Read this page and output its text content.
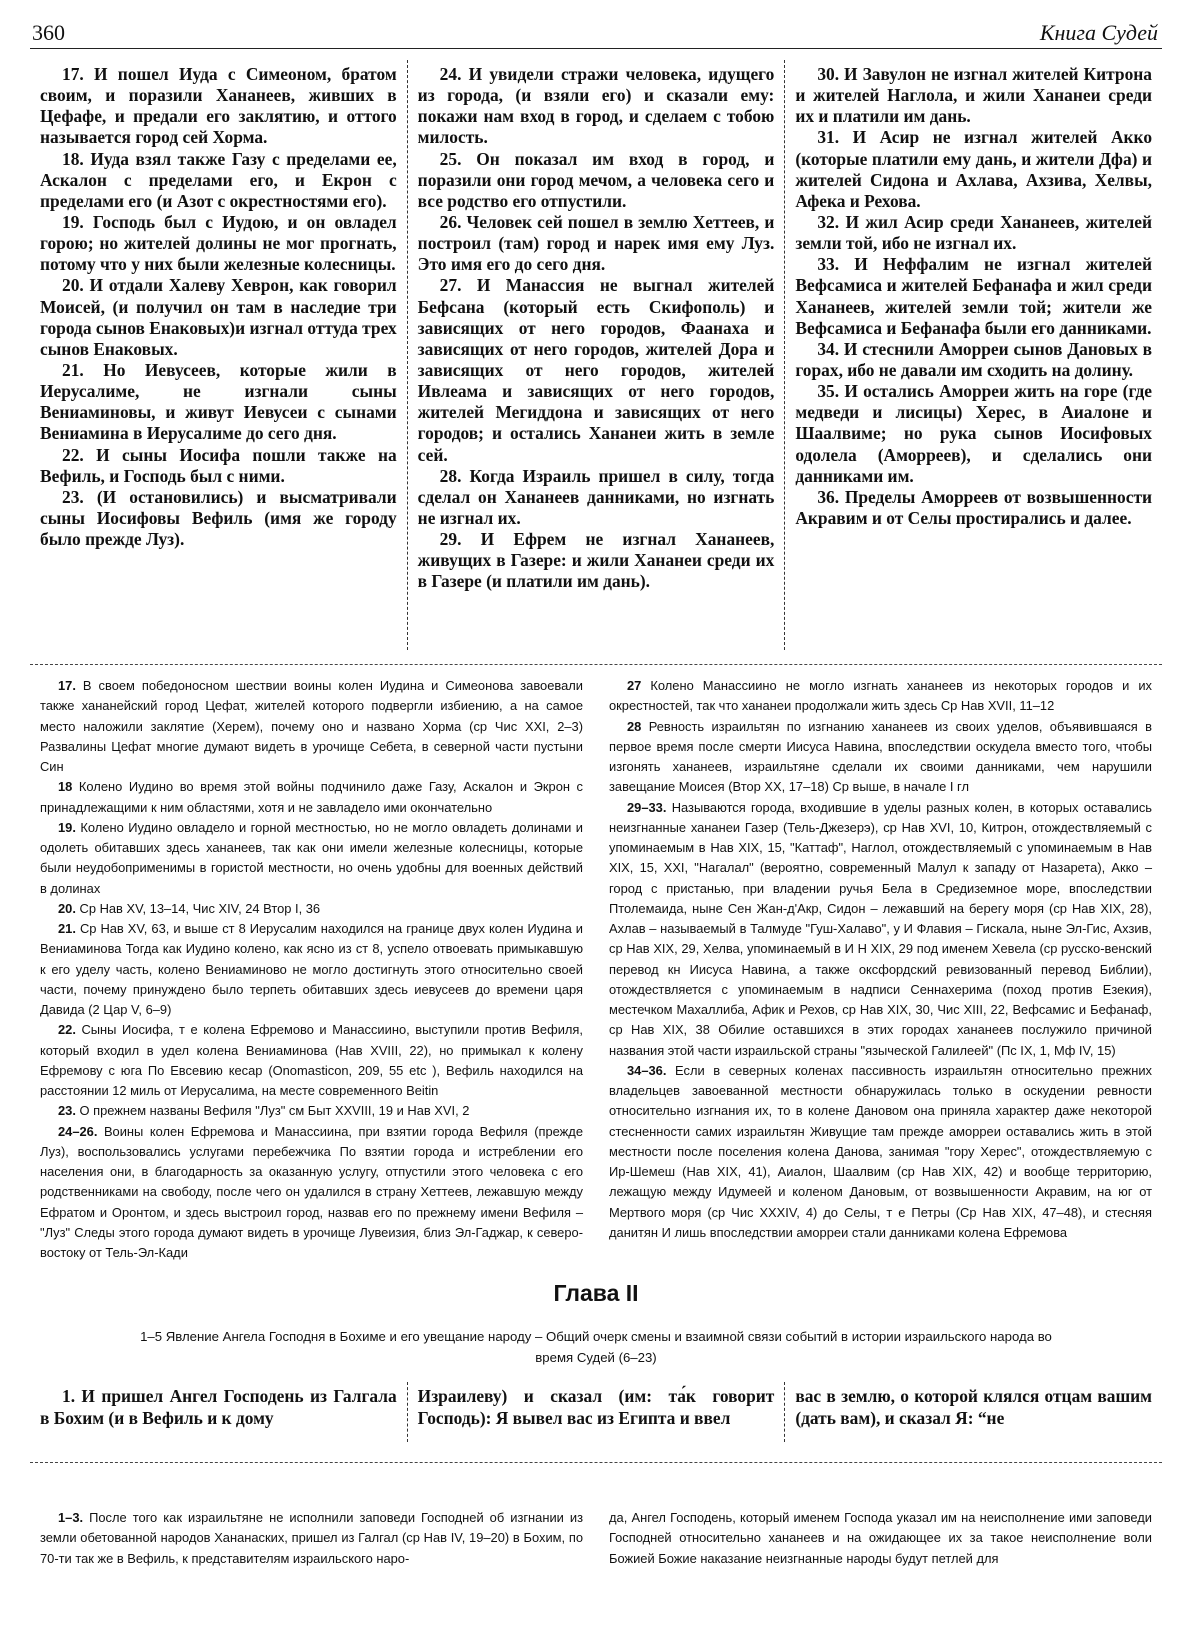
360	Книга Судей

17. И пошел Иуда с Симеоном, братом своим, и поразили Хананеев, живших в Цефафе, и предали его заклятию, и оттого называется город сей Хорма.

18. Иуда взял также Газу с пределами ее, Аскалон с пределами его, и Екрон с пределами его (и Азот с окрестностями его).

19. Господь был с Иудою, и он овладел горою; но жителей долины не мог прогнать, потому что у них были железные колесницы.

20. И отдали Халеву Хеврон, как говорил Моисей, (и получил он там в наследие три города сынов Енаковых)и изгнал оттуда трех сынов Енаковых.

21. Но Иевусеев, которые жили в Иерусалиме, не изгнали сыны Вениаминовы, и живут Иевусеи с сынами Вениамина в Иерусалиме до сего дня.

22. И сыны Иосифа пошли также на Вефиль, и Господь был с ними.

23. (И остановились) и высматривали сыны Иосифовы Вефиль (имя же городу было прежде Луз).

24. И увидели стражи человека, идущего из города, (и взяли его) и сказали ему: покажи нам вход в город, и сделаем с тобою милость.

25. Он показал им вход в город, и поразили они город мечом, а человека сего и все родство его отпустили.

26. Человек сей пошел в землю Хеттеев, и построил (там) город и нарек имя ему Луз. Это имя его до сего дня.

27. И Манассия не выгнал жителей Бефсана (который есть Скифополь) и зависящих от него городов, Фаанаха и зависящих от него городов, жителей Дора и зависящих от него городов, жителей Ивлеама и зависящих от него городов, жителей Мегиддона и зависящих от него городов; и остались Хананеи жить в земле сей.

28. Когда Израиль пришел в силу, тогда сделал он Хананеев данниками, но изгнать не изгнал их.

29. И Ефрем не изгнал Хананеев, живущих в Газере: и жили Хананеи среди их в Газере (и платили им дань).

30. И Завулон не изгнал жителей Китрона и жителей Наглола, и жили Хананеи среди их и платили им дань.

31. И Асир не изгнал жителей Акко (которые платили ему дань, и жители Дфа) и жителей Сидона и Ахлава, Ахзива, Хелвы, Афека и Рехова.

32. И жил Асир среди Хананеев, жителей земли той, ибо не изгнал их.

33. И Неффалим не изгнал жителей Вефсамиса и жителей Бефанафа и жил среди Хананеев, жителей земли той; жители же Вефсамиса и Бефанафа были его данниками.

34. И стеснили Аморреи сынов Дановых в горах, ибо не давали им сходить на долину.

35. И остались Аморреи жить на горе (где медведи и лисицы) Херес, в Аиалоне и Шаалвиме; но рука сынов Иосифовых одолела (Аморреев), и сделались они данниками им.

36. Пределы Аморреев от возвышенности Акравим и от Селы простирались и далее.

17. В своем победоносном шествии воины колен Иудина и Симеонова завоевали также хананейский город Цефат, жителей которого подвергли избиению, а на самое место наложили заклятие (Херем), почему оно и названо Хорма (ср Чис XXI, 2–3) Развалины Цефат многие думают видеть в урочище Себета, в северной части пустыни Син

18 Колено Иудино во время этой войны подчинило даже Газу, Аскалон и Экрон с принадлежащими к ним областями, хотя и не завладело ими окончательно

19. Колено Иудино овладело и горной местностью, но не могло овладеть долинами и одолеть обитавших здесь хананеев, так как они имели железные колесницы, которые были неудобоприменимы в гористой местности, но очень удобны для военных действий в долинах

20. Ср Нав XV, 13–14, Чис XIV, 24 Втор I, 36

21. Ср Нав XV, 63, и выше ст 8 Иерусалим находился на границе двух колен Иудина и Вениаминова Тогда как Иудино колено, как ясно из ст 8, успело отвоевать примыкавшую к его уделу часть, колено Вениаминово не могло достигнуть этого относительно своей части, почему принуждено было терпеть обитавших здесь иевусеев до времени царя Давида (2 Цар V, 6–9)

22. Сыны Иосифа, т е колена Ефремово и Манассиино, выступили против Вефиля, который входил в удел колена Вениаминова (Нав XVIII, 22), но примыкал к колену Ефремову с юга По Евсевию кесар (Onomasticon, 209, 55 etc ), Вефиль находился на расстоянии 12 миль от Иерусалима, на месте современного Beitin

23. О прежнем названы Вефиля "Луз" см Быт XXVIII, 19 и Нав XVI, 2

24–26. Воины колен Ефремова и Манассиина, при взятии города Вефиля (прежде Луз), воспользовались услугами перебежчика По взятии города и истреблении его населения они, в благодарность за оказанную услугу, отпустили этого человека с его родственниками на свободу, после чего он удалился в страну Хеттеев, лежавшую между Ефратом и Оронтом, и здесь выстроил город, назвав его по прежнему имени Вефиля – "Луз" Следы этого города думают видеть в урочище Лувеизия, близ Эл-Гаджар, к северо-востоку от Тель-Эл-Кади

27 Колено Манассиино не могло изгнать хананеев из некоторых городов и их окрестностей, так что хананеи продолжали жить здесь Ср Нав XVII, 11–12

28 Ревность израильтян по изгнанию хананеев из своих уделов, объявившаяся в первое время после смерти Иисуса Навина, впоследствии оскудела вместо того, чтобы изгонять хананеев, израильтяне сделали их своими данниками, чем нарушили завещание Моисея (Втор XX, 17–18) Ср выше, в начале I гл

29–33. Называются города, входившие в уделы разных колен, в которых оставались неизгнанные хананеи Газер (Тель-Джезерэ), ср Нав XVI, 10, Китрон, отождествляемый с упоминаемым в Нав XIX, 15, "Каттаф", Наглол, отождествляемый с упоминаемым в Нав XIX, 15, XXI, "Нагалал" (вероятно, современный Малул к западу от Назарета), Акко – город с пристанью, при владении ручья Бела в Средиземное море, впоследствии Птолемаида, ныне Сен Жан-д'Акр, Сидон – лежавший на берегу моря (ср Нав XIX, 28), Ахлав – называемый в Талмуде "Гуш-Халаво", у И Флавия – Гискала, ныне Эл-Гис, Ахзив, ср Нав XIX, 29, Хелва, упоминаемый в И Н XIX, 29 под именем Хевела (ср русско-венский перевод кн Иисуса Навина, а также оксфордский ревизованный перевод Библии), отождествляется с упоминаемым в надписи Сеннахерима (поход против Езекия), местечком Махаллиба, Афик и Рехов, ср Нав XIX, 30, Чис XIII, 22, Вефсамис и Бефанаф, ср Нав XIX, 38 Обилие оставшихся в этих городах хананеев послужило причиной названия этой части израильской страны "языческой Галилеей" (Пс IX, 1, Мф IV, 15)

34–36. Если в северных коленах пассивность израильтян относительно прежних владельцев завоеванной местности обнаружилась только в оскудении ревности относительно изгнания их, то в колене Дановом она приняла характер даже некоторой стесненности самих израильтян Живущие там прежде аморреи оставались жить в этой местности после поселения колена Данова, занимая "гору Херес", отождествляемую с Ир-Шемеш (Нав XIX, 41), Аиалон, Шаалвим (ср Нав XIX, 42) и вообще территорию, лежащую между Идумеей и коленом Дановым, от возвышенности Акравим, на юг от Мертвого моря (ср Чис XXXIV, 4) до Селы, т е Петры (Ср Нав XIX, 47–48), и стесняя данитян И лишь впоследствии аморреи стали данниками колена Ефремова

Глава II
1–5 Явление Ангела Господня в Бохиме и его увещание народу – Общий очерк смены и взаимной связи событий в истории израильского народа во время Судей (6–23)

1. И пришел Ангел Господень из Галгала в Бохим (и в Вефиль и к дому

Израилеву) и сказал (им: та́к говорит Господь): Я вывел вас из Египта и ввел

вас в землю, о которой клялся отцам вашим (дать вам), и сказал Я: “не

1–3. После того как израильтяне не исполнили заповеди Господней об изгнании из земли обетованной народов Хананаских, пришел из Галгал (ср Нав IV, 19–20) в Бохим, по 70-ти так же в Вефиль, к представителям израильского наро-

да, Ангел Господень, который именем Господа указал им на неисполнение ими заповеди Господней относительно хананеев и на ожидающее их за такое неисполнение воли Божией Божие наказание неизгнанные народы будут петлей для
